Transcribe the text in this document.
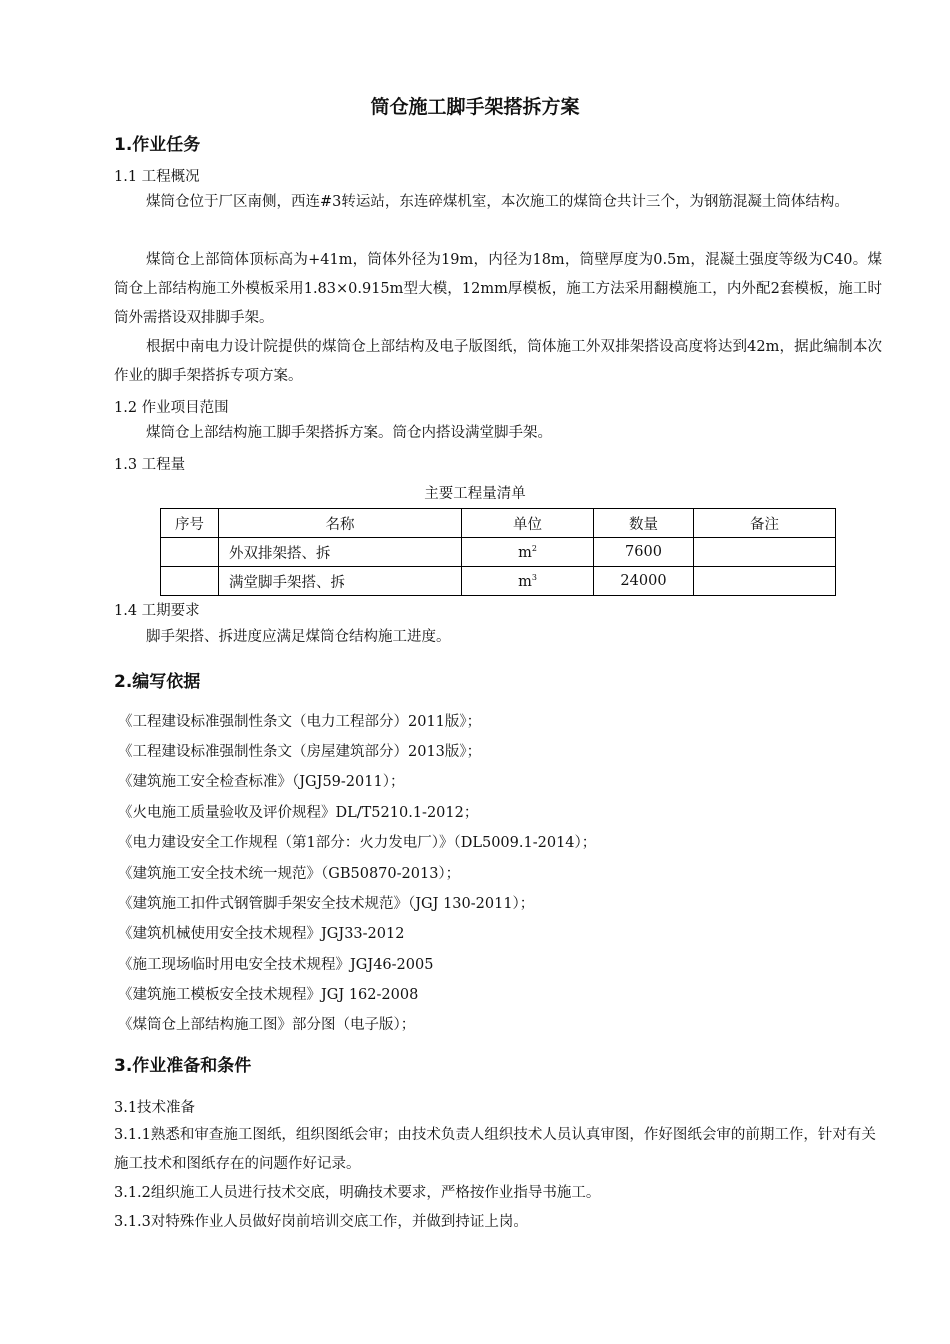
筒仓施工脚手架搭拆方案
1.作业任务
1.1 工程概况
煤筒仓位于厂区南侧，西连#3转运站，东连碎煤机室，本次施工的煤筒仓共计三个，为钢筋混凝土筒体结构。
煤筒仓上部筒体顶标高为+41m，筒体外径为19m，内径为18m，筒壁厚度为0.5m，混凝土强度等级为C40。煤筒仓上部结构施工外模板采用1.83×0.915m型大模，12mm厚模板，施工方法采用翻模施工，内外配2套模板，施工时筒外需搭设双排脚手架。
根据中南电力设计院提供的煤筒仓上部结构及电子版图纸，筒体施工外双排架搭设高度将达到42m，据此编制本次作业的脚手架搭拆专项方案。
1.2 作业项目范围
煤筒仓上部结构施工脚手架搭拆方案。筒仓内搭设满堂脚手架。
1.3 工程量
主要工程量清单
序号	名称	单位	数量	备注
	外双排架搭、拆	$m^2$	7600	
	满堂脚手架搭、拆	$m^3$	24000	
1.4 工期要求
脚手架搭、拆进度应满足煤筒仓结构施工进度。
2.编写依据
《工程建设标准强制性条文（电力工程部分）2011版》；
《工程建设标准强制性条文（房屋建筑部分）2013版》；
《建筑施工安全检查标准》（JGJ59-2011）；
《火电施工质量验收及评价规程》DL/T5210.1-2012；
《电力建设安全工作规程（第1部分：火力发电厂）》（DL5009.1-2014）；
《建筑施工安全技术统一规范》（GB50870-2013）；
《建筑施工扣件式钢管脚手架安全技术规范》（JGJ 130-2011）；
《建筑机械使用安全技术规程》JGJ33-2012
《施工现场临时用电安全技术规程》JGJ46-2005
《建筑施工模板安全技术规程》JGJ 162-2008
《煤筒仓上部结构施工图》部分图（电子版）；
3.作业准备和条件
3.1技术准备
3.1.1熟悉和审查施工图纸，组织图纸会审；由技术负责人组织技术人员认真审图，作好图纸会审的前期工作，针对有关施工技术和图纸存在的问题作好记录。
3.1.2组织施工人员进行技术交底，明确技术要求，严格按作业指导书施工。
3.1.3对特殊作业人员做好岗前培训交底工作，并做到持证上岗。
